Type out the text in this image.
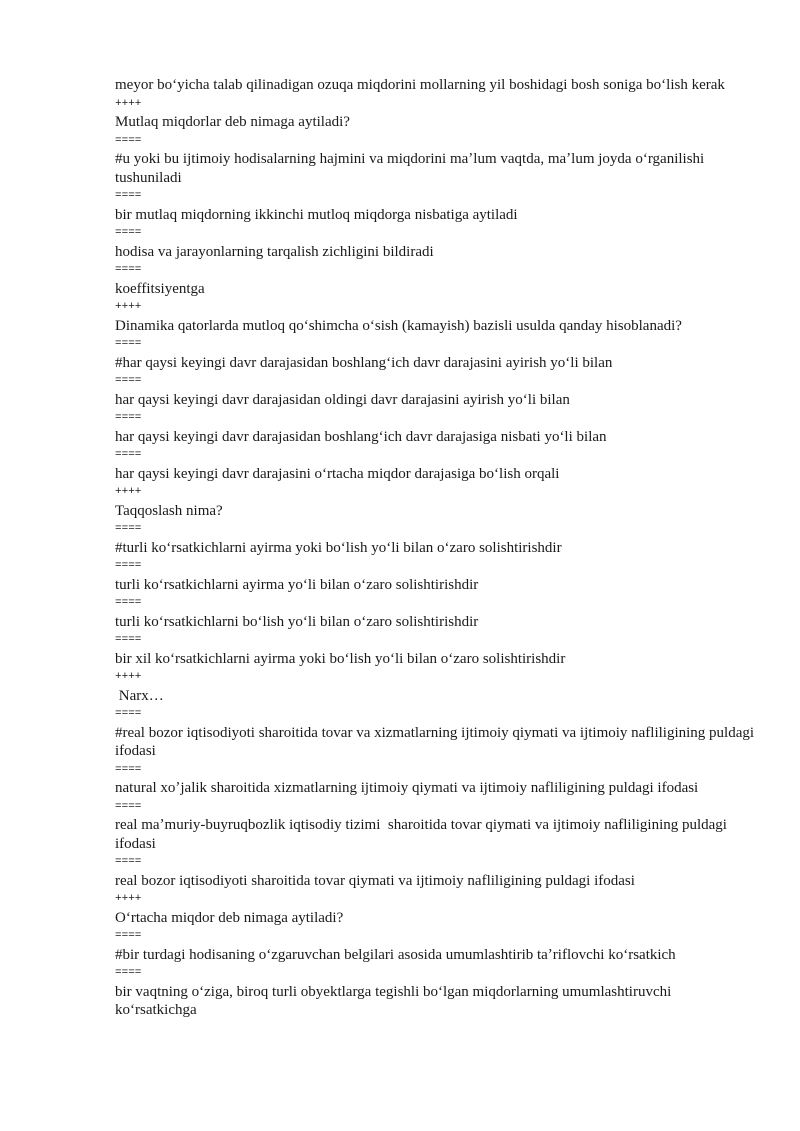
meyor boʻyicha talab qilinadigan ozuqa miqdorini mollarning yil boshidagi bosh soniga boʻlish kerak
++++
Mutlaq miqdorlar deb nimaga aytiladi?
====
#u yoki bu ijtimoiy hodisalarning hajmini va miqdorini maʼlum vaqtda, maʼlum joyda oʻrganilishi tushuniladi
====
bir mutlaq miqdorning ikkinchi mutloq miqdorga nisbatiga aytiladi
====
hodisa va jarayonlarning tarqalish zichligini bildiradi
====
koeffitsiyentga
++++
Dinamika qatorlarda mutloq qoʻshimcha oʻsish (kamayish) bazisli usulda qanday hisoblanadi?
====
#har qaysi keyingi davr darajasidan boshlangʻich davr darajasini ayirish yoʻli bilan
====
har qaysi keyingi davr darajasidan oldingi davr darajasini ayirish yoʻli bilan
====
har qaysi keyingi davr darajasidan boshlangʻich davr darajasiga nisbati yoʻli bilan
====
har qaysi keyingi davr darajasini oʻrtacha miqdor darajasiga boʻlish orqali
++++
Taqqoslash nima?
====
#turli koʻrsatkichlarni ayirma yoki boʻlish yoʻli bilan oʻzaro solishtirishdir
====
turli koʻrsatkichlarni ayirma yoʻli bilan oʻzaro solishtirishdir
====
turli koʻrsatkichlarni boʻlish yoʻli bilan oʻzaro solishtirishdir
====
bir xil koʻrsatkichlarni ayirma yoki boʻlish yoʻli bilan oʻzaro solishtirishdir
++++
Narx…
====
#real bozor iqtisodiyoti sharoitida tovar va xizmatlarning ijtimoiy qiymati va ijtimoiy nafliligining puldagi ifodasi
====
natural xoʼjalik sharoitida xizmatlarning ijtimoiy qiymati va ijtimoiy nafliligining puldagi ifodasi
====
real maʼmuriy-buyruqbozlik iqtisodiy tizimi  sharoitida tovar qiymati va ijtimoiy nafliligining puldagi ifodasi
====
real bozor iqtisodiyoti sharoitida tovar qiymati va ijtimoiy nafliligining puldagi ifodasi
++++
Oʻrtacha miqdor deb nimaga aytiladi?
====
#bir turdagi hodisaning oʻzgaruvchan belgilari asosida umumlashtirib taʼriflovchi koʻrsatkich
====
bir vaqtning oʻziga, biroq turli obyektlarga tegishli boʻlgan miqdorlarning umumlashtiruvchi koʻrsatkichga
